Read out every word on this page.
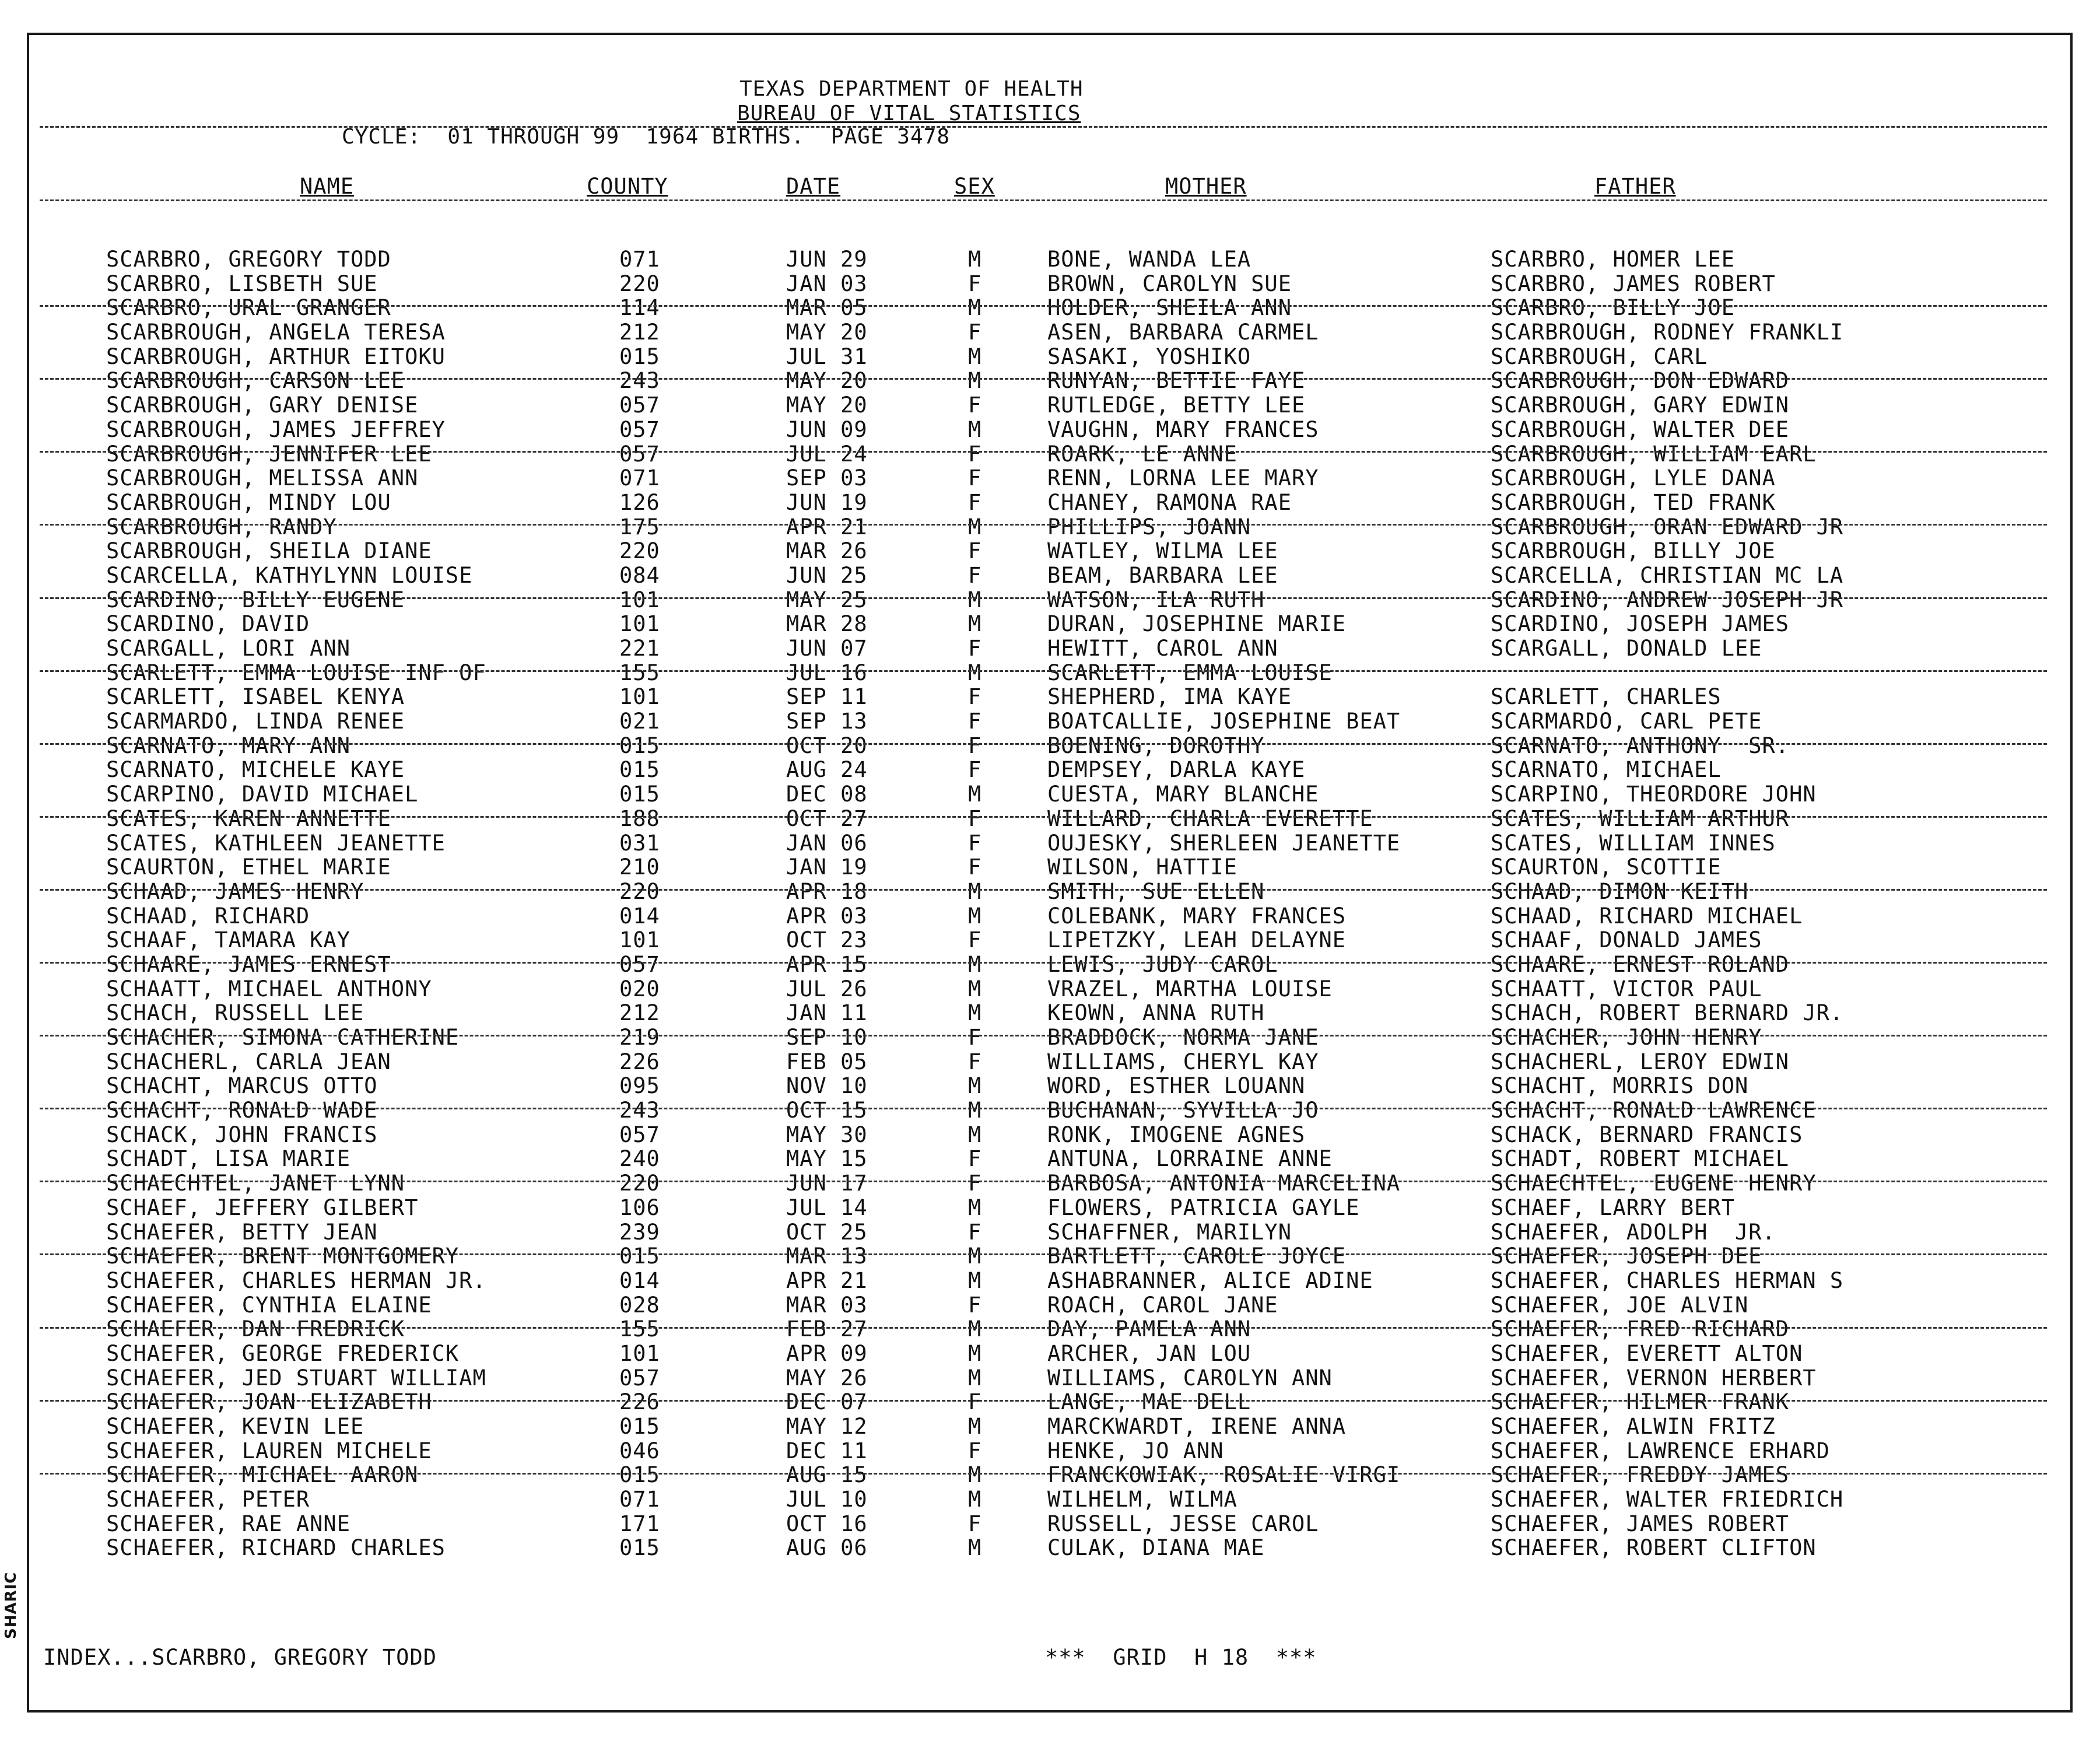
SHARIC
TEXAS DEPARTMENT OF HEALTH
BUREAU OF VITAL STATISTICS
CYCLE:  01 THROUGH 99  1964 BIRTHS.  PAGE 3478
NAME	COUNTY	DATE	SEX	MOTHER	FATHER
SCARBRO, GREGORY TODD	071	JUN 29	M	BONE, WANDA LEA	SCARBRO, HOMER LEE
SCARBRO, LISBETH SUE	220	JAN 03	F	BROWN, CAROLYN SUE	SCARBRO, JAMES ROBERT
SCARBRO, URAL GRANGER	114	MAR 05	M	HOLDER, SHEILA ANN	SCARBRO, BILLY JOE
SCARBROUGH, ANGELA TERESA	212	MAY 20	F	ASEN, BARBARA CARMEL	SCARBROUGH, RODNEY FRANKLI
SCARBROUGH, ARTHUR EITOKU	015	JUL 31	M	SASAKI, YOSHIKO	SCARBROUGH, CARL
SCARBROUGH, CARSON LEE	243	MAY 20	M	RUNYAN, BETTIE FAYE	SCARBROUGH, DON EDWARD
SCARBROUGH, GARY DENISE	057	MAY 20	F	RUTLEDGE, BETTY LEE	SCARBROUGH, GARY EDWIN
SCARBROUGH, JAMES JEFFREY	057	JUN 09	M	VAUGHN, MARY FRANCES	SCARBROUGH, WALTER DEE
SCARBROUGH, JENNIFER LEE	057	JUL 24	F	ROARK, LE ANNE	SCARBROUGH, WILLIAM EARL
SCARBROUGH, MELISSA ANN	071	SEP 03	F	RENN, LORNA LEE MARY	SCARBROUGH, LYLE DANA
SCARBROUGH, MINDY LOU	126	JUN 19	F	CHANEY, RAMONA RAE	SCARBROUGH, TED FRANK
SCARBROUGH, RANDY	175	APR 21	M	PHILLIPS, JOANN	SCARBROUGH, ORAN EDWARD JR
SCARBROUGH, SHEILA DIANE	220	MAR 26	F	WATLEY, WILMA LEE	SCARBROUGH, BILLY JOE
SCARCELLA, KATHYLYNN LOUISE	084	JUN 25	F	BEAM, BARBARA LEE	SCARCELLA, CHRISTIAN MC LA
SCARDINO, BILLY EUGENE	101	MAY 25	M	WATSON, ILA RUTH	SCARDINO, ANDREW JOSEPH JR
SCARDINO, DAVID	101	MAR 28	M	DURAN, JOSEPHINE MARIE	SCARDINO, JOSEPH JAMES
SCARGALL, LORI ANN	221	JUN 07	F	HEWITT, CAROL ANN	SCARGALL, DONALD LEE
SCARLETT, EMMA LOUISE INF OF	155	JUL 16	M	SCARLETT, EMMA LOUISE
SCARLETT, ISABEL KENYA	101	SEP 11	F	SHEPHERD, IMA KAYE	SCARLETT, CHARLES
SCARMARDO, LINDA RENEE	021	SEP 13	F	BOATCALLIE, JOSEPHINE BEAT	SCARMARDO, CARL PETE
SCARNATO, MARY ANN	015	OCT 20	F	BOENING, DOROTHY	SCARNATO, ANTHONY  SR.
SCARNATO, MICHELE KAYE	015	AUG 24	F	DEMPSEY, DARLA KAYE	SCARNATO, MICHAEL
SCARPINO, DAVID MICHAEL	015	DEC 08	M	CUESTA, MARY BLANCHE	SCARPINO, THEORDORE JOHN
SCATES, KAREN ANNETTE	188	OCT 27	F	WILLARD, CHARLA EVERETTE	SCATES, WILLIAM ARTHUR
SCATES, KATHLEEN JEANETTE	031	JAN 06	F	OUJESKY, SHERLEEN JEANETTE	SCATES, WILLIAM INNES
SCAURTON, ETHEL MARIE	210	JAN 19	F	WILSON, HATTIE	SCAURTON, SCOTTIE
SCHAAD, JAMES HENRY	220	APR 18	M	SMITH, SUE ELLEN	SCHAAD, DIMON KEITH
SCHAAD, RICHARD	014	APR 03	M	COLEBANK, MARY FRANCES	SCHAAD, RICHARD MICHAEL
SCHAAF, TAMARA KAY	101	OCT 23	F	LIPETZKY, LEAH DELAYNE	SCHAAF, DONALD JAMES
SCHAARE, JAMES ERNEST	057	APR 15	M	LEWIS, JUDY CAROL	SCHAARE, ERNEST ROLAND
SCHAATT, MICHAEL ANTHONY	020	JUL 26	M	VRAZEL, MARTHA LOUISE	SCHAATT, VICTOR PAUL
SCHACH, RUSSELL LEE	212	JAN 11	M	KEOWN, ANNA RUTH	SCHACH, ROBERT BERNARD JR.
SCHACHER, SIMONA CATHERINE	219	SEP 10	F	BRADDOCK, NORMA JANE	SCHACHER, JOHN HENRY
SCHACHERL, CARLA JEAN	226	FEB 05	F	WILLIAMS, CHERYL KAY	SCHACHERL, LEROY EDWIN
SCHACHT, MARCUS OTTO	095	NOV 10	M	WORD, ESTHER LOUANN	SCHACHT, MORRIS DON
SCHACHT, RONALD WADE	243	OCT 15	M	BUCHANAN, SYVILLA JO	SCHACHT, RONALD LAWRENCE
SCHACK, JOHN FRANCIS	057	MAY 30	M	RONK, IMOGENE AGNES	SCHACK, BERNARD FRANCIS
SCHADT, LISA MARIE	240	MAY 15	F	ANTUNA, LORRAINE ANNE	SCHADT, ROBERT MICHAEL
SCHAECHTEL, JANET LYNN	220	JUN 17	F	BARBOSA, ANTONIA MARCELINA	SCHAECHTEL, EUGENE HENRY
SCHAEF, JEFFERY GILBERT	106	JUL 14	M	FLOWERS, PATRICIA GAYLE	SCHAEF, LARRY BERT
SCHAEFER, BETTY JEAN	239	OCT 25	F	SCHAFFNER, MARILYN	SCHAEFER, ADOLPH  JR.
SCHAEFER, BRENT MONTGOMERY	015	MAR 13	M	BARTLETT, CAROLE JOYCE	SCHAEFER, JOSEPH DEE
SCHAEFER, CHARLES HERMAN JR.	014	APR 21	M	ASHABRANNER, ALICE ADINE	SCHAEFER, CHARLES HERMAN S
SCHAEFER, CYNTHIA ELAINE	028	MAR 03	F	ROACH, CAROL JANE	SCHAEFER, JOE ALVIN
SCHAEFER, DAN FREDRICK	155	FEB 27	M	DAY, PAMELA ANN	SCHAEFER, FRED RICHARD
SCHAEFER, GEORGE FREDERICK	101	APR 09	M	ARCHER, JAN LOU	SCHAEFER, EVERETT ALTON
SCHAEFER, JED STUART WILLIAM	057	MAY 26	M	WILLIAMS, CAROLYN ANN	SCHAEFER, VERNON HERBERT
SCHAEFER, JOAN ELIZABETH	226	DEC 07	F	LANGE, MAE DELL	SCHAEFER, HILMER FRANK
SCHAEFER, KEVIN LEE	015	MAY 12	M	MARCKWARDT, IRENE ANNA	SCHAEFER, ALWIN FRITZ
SCHAEFER, LAUREN MICHELE	046	DEC 11	F	HENKE, JO ANN	SCHAEFER, LAWRENCE ERHARD
SCHAEFER, MICHAEL AARON	015	AUG 15	M	FRANCKOWIAK, ROSALIE VIRGI	SCHAEFER, FREDDY JAMES
SCHAEFER, PETER	071	JUL 10	M	WILHELM, WILMA	SCHAEFER, WALTER FRIEDRICH
SCHAEFER, RAE ANNE	171	OCT 16	F	RUSSELL, JESSE CAROL	SCHAEFER, JAMES ROBERT
SCHAEFER, RICHARD CHARLES	015	AUG 06	M	CULAK, DIANA MAE	SCHAEFER, ROBERT CLIFTON
INDEX...SCARBRO, GREGORY TODD	***  GRID  H 18  ***
